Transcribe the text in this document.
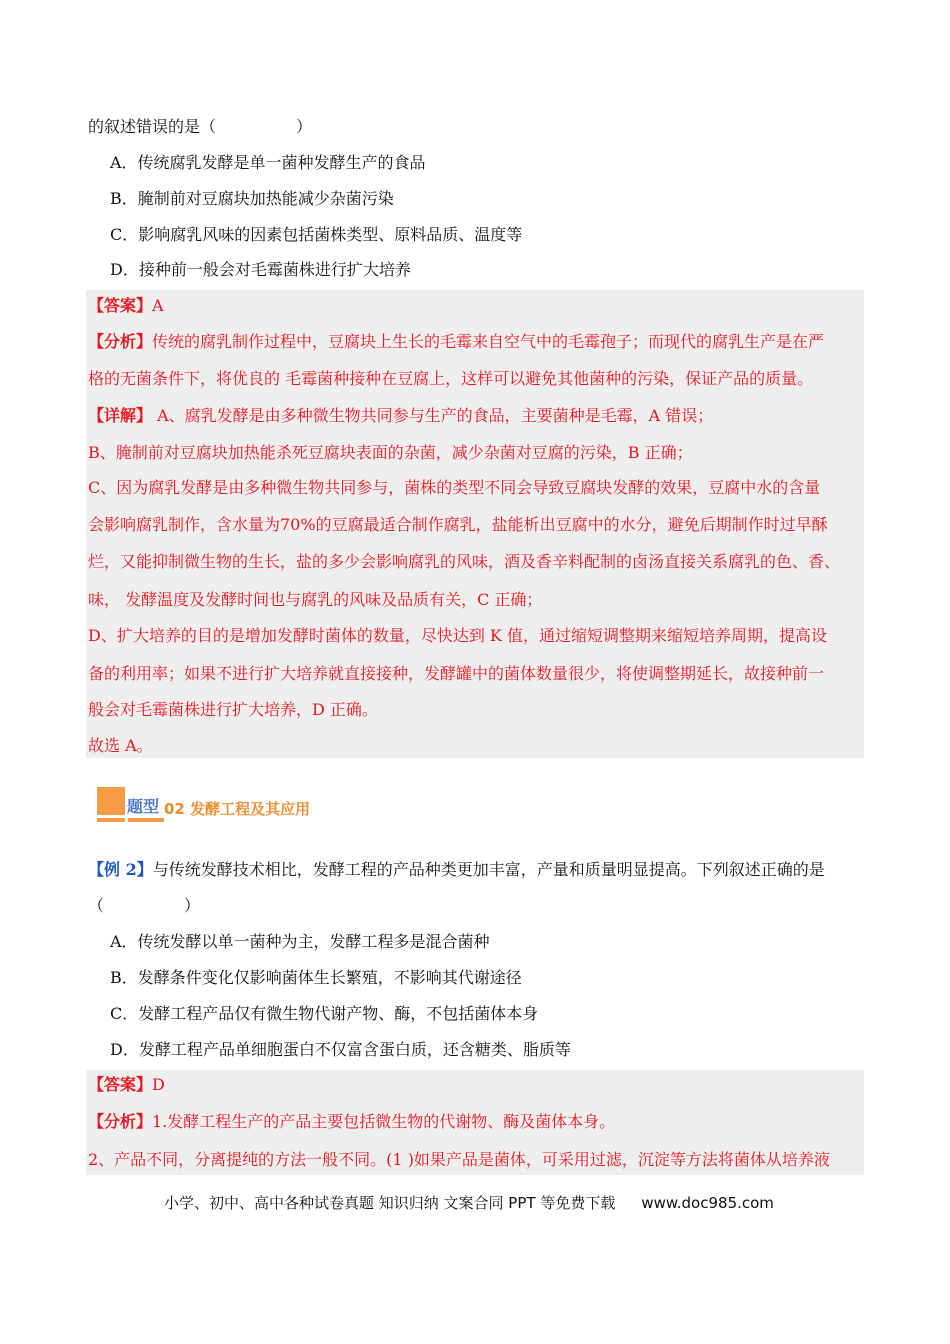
的叙述错误的是（　　　　　）
A．传统腐乳发酵是单一菌种发酵生产的食品
B．腌制前对豆腐块加热能减少杂菌污染
C．影响腐乳风味的因素包括菌株类型、原料品质、温度等
D．接种前一般会对毛霉菌株进行扩大培养
【答案】A
【分析】传统的腐乳制作过程中，豆腐块上生长的毛霉来自空气中的毛霉孢子；而现代的腐乳生产是在严
格的无菌条件下，将优良的 毛霉菌种接种在豆腐上，这样可以避免其他菌种的污染，保证产品的质量。
【详解】 A、腐乳发酵是由多种微生物共同参与生产的食品，主要菌种是毛霉，A 错误；
B、腌制前对豆腐块加热能杀死豆腐块表面的杂菌，减少杂菌对豆腐的污染，B 正确；
C、因为腐乳发酵是由多种微生物共同参与，菌株的类型不同会导致豆腐块发酵的效果，豆腐中水的含量
会影响腐乳制作，含水量为70%的豆腐最适合制作腐乳，盐能析出豆腐中的水分，避免后期制作时过早酥
烂，又能抑制微生物的生长，盐的多少会影响腐乳的风味，酒及香辛料配制的卤汤直接关系腐乳的色、香、
味， 发酵温度及发酵时间也与腐乳的风味及品质有关，C 正确；
D、扩大培养的目的是增加发酵时菌体的数量，尽快达到 K 值，通过缩短调整期来缩短培养周期，提高设
备的利用率；如果不进行扩大培养就直接接种，发酵罐中的菌体数量很少，将使调整期延长，故接种前一
般会对毛霉菌株进行扩大培养，D 正确。
故选 A。
题型 02 发酵工程及其应用
【例 2】与传统发酵技术相比，发酵工程的产品种类更加丰富，产量和质量明显提高。下列叙述正确的是
（　　　　　）
A．传统发酵以单一菌种为主，发酵工程多是混合菌种
B．发酵条件变化仅影响菌体生长繁殖，不影响其代谢途径
C．发酵工程产品仅有微生物代谢产物、酶，不包括菌体本身
D．发酵工程产品单细胞蛋白不仅富含蛋白质，还含糖类、脂质等
【答案】D
【分析】1.发酵工程生产的产品主要包括微生物的代谢物、酶及菌体本身。
2、产品不同，分离提纯的方法一般不同。(1 )如果产品是菌体，可采用过滤，沉淀等方法将菌体从培养液
小学、初中、高中各种试卷真题 知识归纳 文案合同 PPT 等免费下载 www.doc985.com
